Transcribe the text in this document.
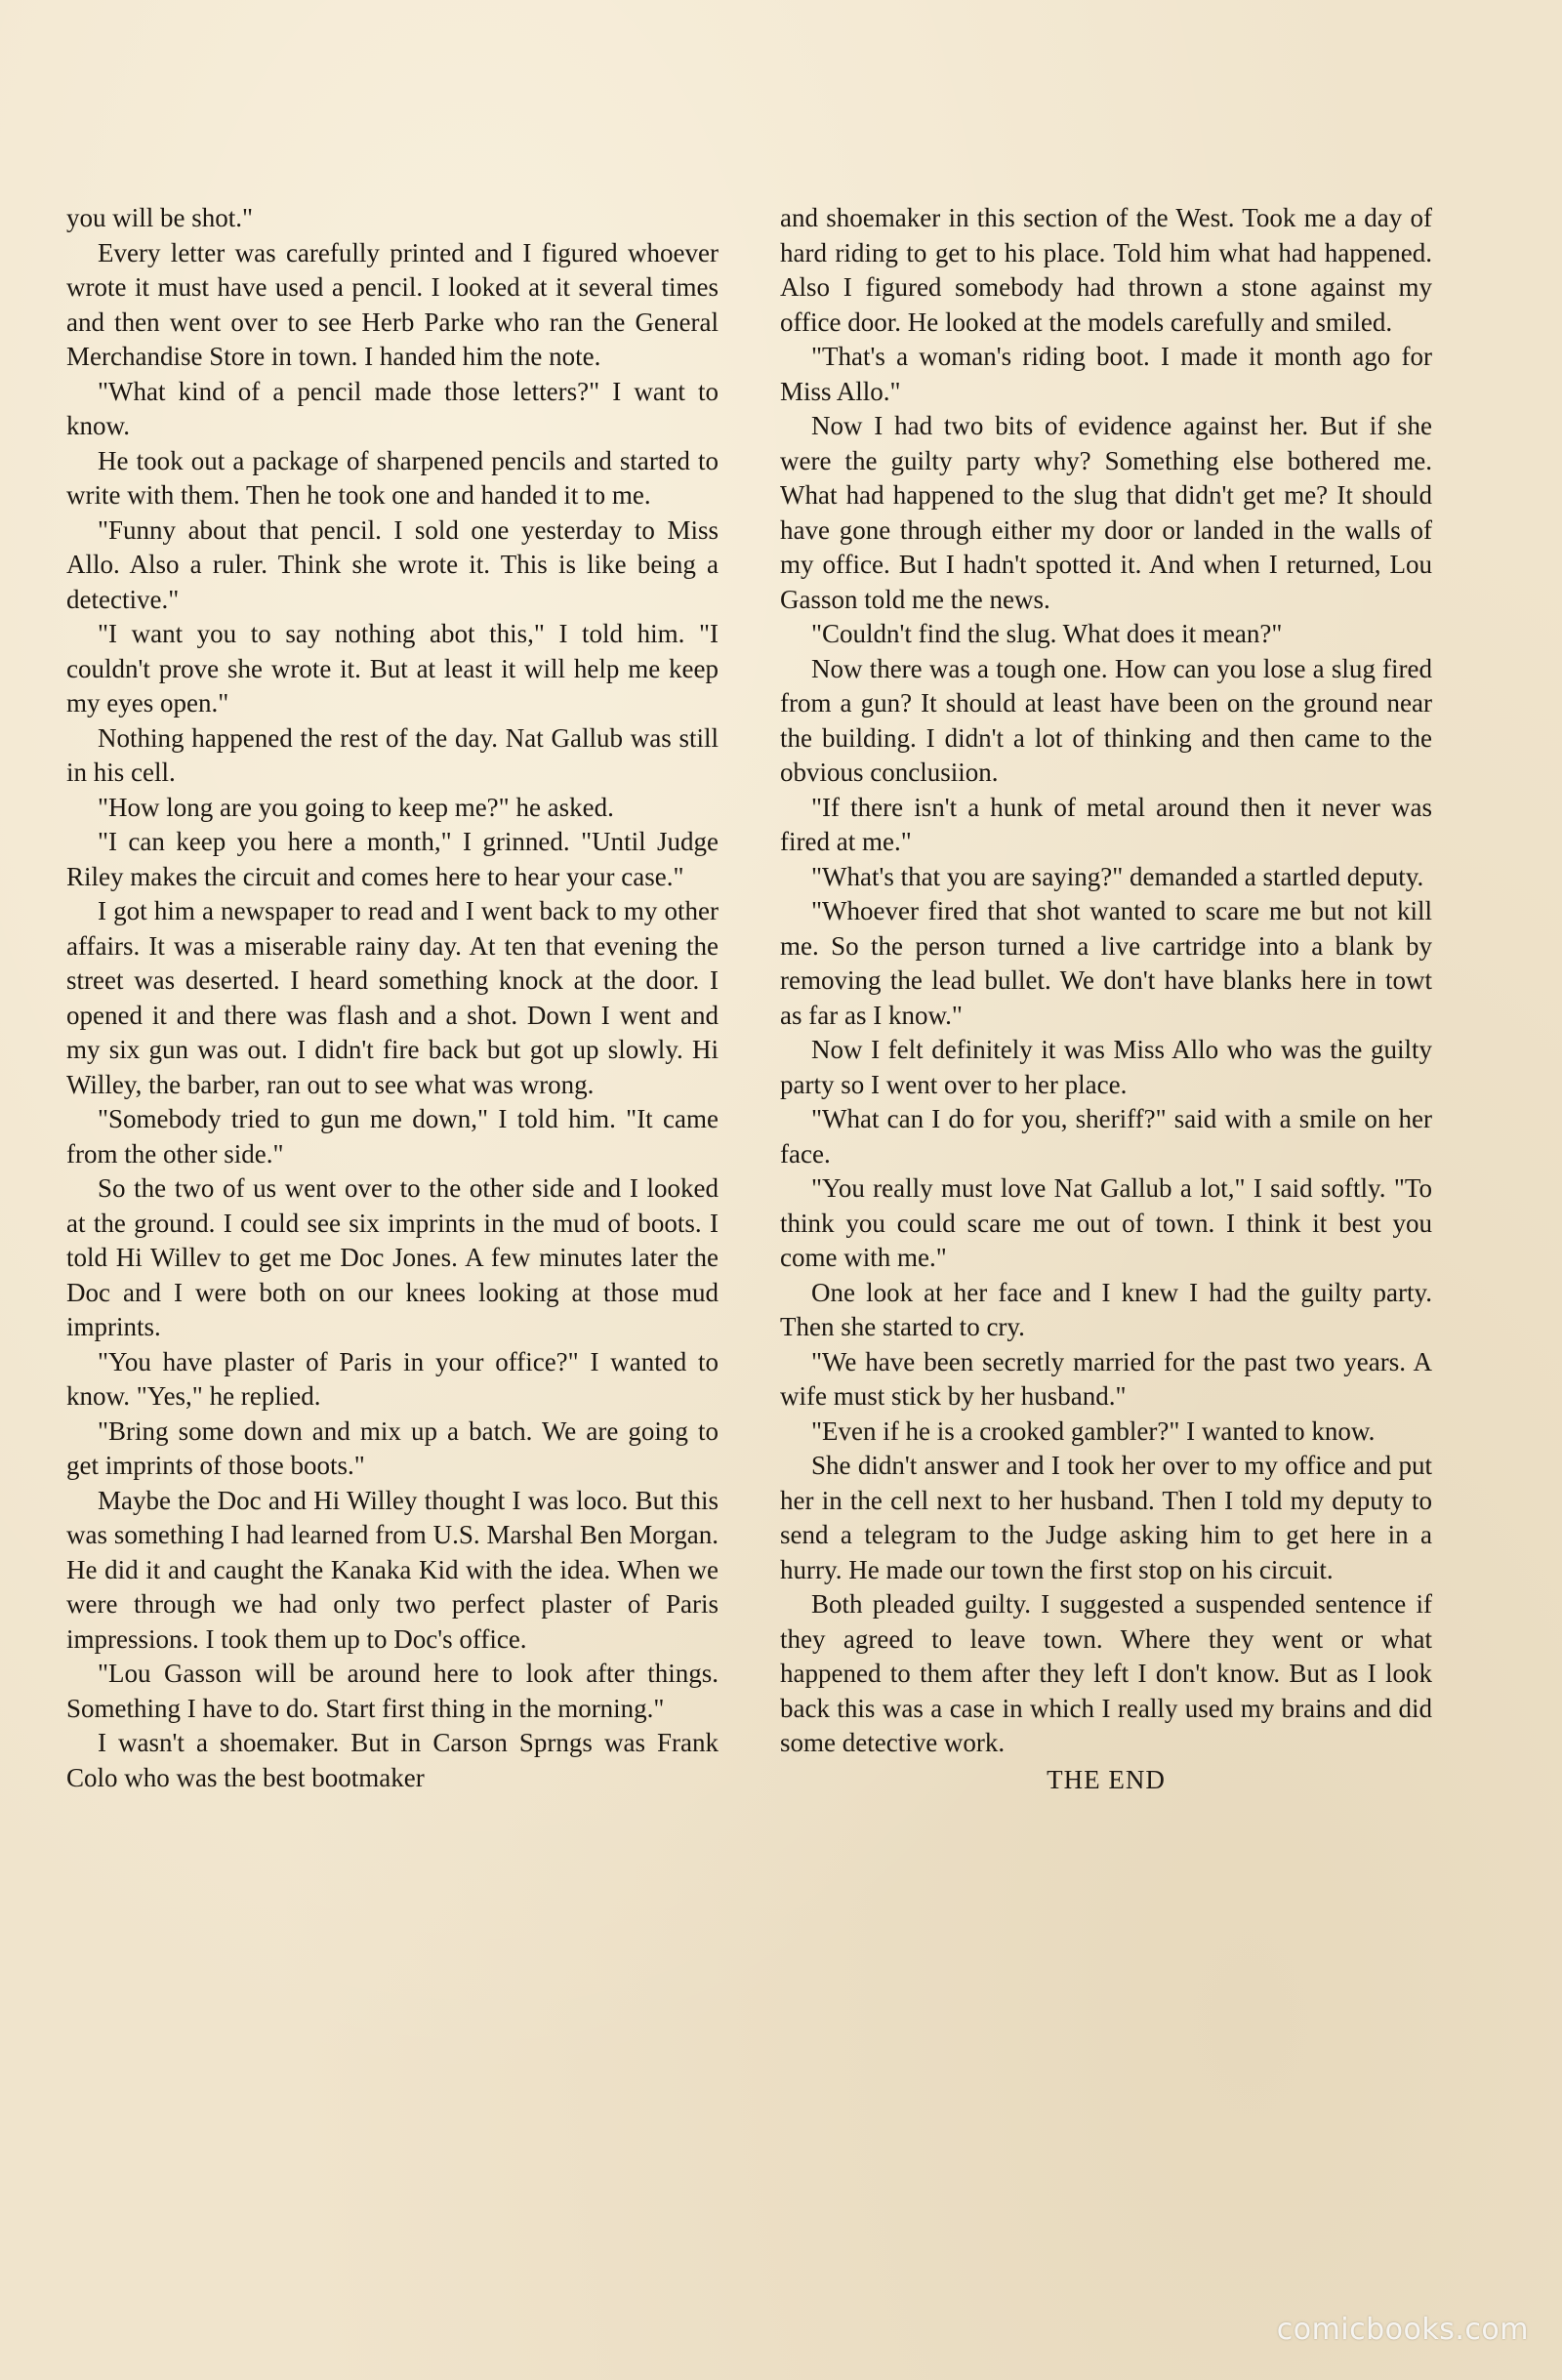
you will be shot."

Every letter was carefully printed and I figured whoever wrote it must have used a pencil. I looked at it several times and then went over to see Herb Parke who ran the General Merchandise Store in town. I handed him the note.

"What kind of a pencil made those letters?" I want to know.

He took out a package of sharpened pencils and started to write with them. Then he took one and handed it to me.

"Funny about that pencil. I sold one yesterday to Miss Allo. Also a ruler. Think she wrote it. This is like being a detective."

"I want you to say nothing abot this," I told him. "I couldn't prove she wrote it. But at least it will help me keep my eyes open."

Nothing happened the rest of the day. Nat Gallub was still in his cell.

"How long are you going to keep me?" he asked.

"I can keep you here a month," I grinned. "Until Judge Riley makes the circuit and comes here to hear your case."

I got him a newspaper to read and I went back to my other affairs. It was a miserable rainy day. At ten that evening the street was deserted. I heard something knock at the door. I opened it and there was flash and a shot. Down I went and my six gun was out. I didn't fire back but got up slowly. Hi Willey, the barber, ran out to see what was wrong.

"Somebody tried to gun me down," I told him. "It came from the other side."

So the two of us went over to the other side and I looked at the ground. I could see six imprints in the mud of boots. I told Hi Willev to get me Doc Jones. A few minutes later the Doc and I were both on our knees looking at those mud imprints.

"You have plaster of Paris in your office?" I wanted to know. "Yes," he replied.

"Bring some down and mix up a batch. We are going to get imprints of those boots."

Maybe the Doc and Hi Willey thought I was loco. But this was something I had learned from U.S. Marshal Ben Morgan. He did it and caught the Kanaka Kid with the idea. When we were through we had only two perfect plaster of Paris impressions. I took them up to Doc's office.

"Lou Gasson will be around here to look after things. Something I have to do. Start first thing in the morning."

I wasn't a shoemaker. But in Carson Sprngs was Frank Colo who was the best bootmaker

and shoemaker in this section of the West. Took me a day of hard riding to get to his place. Told him what had happened. Also I figured somebody had thrown a stone against my office door. He looked at the models carefully and smiled.

"That's a woman's riding boot. I made it month ago for Miss Allo."

Now I had two bits of evidence against her. But if she were the guilty party why? Something else bothered me. What had happened to the slug that didn't get me? It should have gone through either my door or landed in the walls of my office. But I hadn't spotted it. And when I returned, Lou Gasson told me the news.

"Couldn't find the slug. What does it mean?"

Now there was a tough one. How can you lose a slug fired from a gun? It should at least have been on the ground near the building. I didn't a lot of thinking and then came to the obvious conclusiion.

"If there isn't a hunk of metal around then it never was fired at me."

"What's that you are saying?" demanded a startled deputy.

"Whoever fired that shot wanted to scare me but not kill me. So the person turned a live cartridge into a blank by removing the lead bullet. We don't have blanks here in towt as far as I know."

Now I felt definitely it was Miss Allo who was the guilty party so I went over to her place.

"What can I do for you, sheriff?" said with a smile on her face.

"You really must love Nat Gallub a lot," I said softly. "To think you could scare me out of town. I think it best you come with me."

One look at her face and I knew I had the guilty party. Then she started to cry.

"We have been secretly married for the past two years. A wife must stick by her husband."

"Even if he is a crooked gambler?" I wanted to know.

She didn't answer and I took her over to my office and put her in the cell next to her husband. Then I told my deputy to send a telegram to the Judge asking him to get here in a hurry. He made our town the first stop on his circuit.

Both pleaded guilty. I suggested a suspended sentence if they agreed to leave town. Where they went or what happened to them after they left I don't know. But as I look back this was a case in which I really used my brains and did some detective work.

THE END

comicbooks.com
